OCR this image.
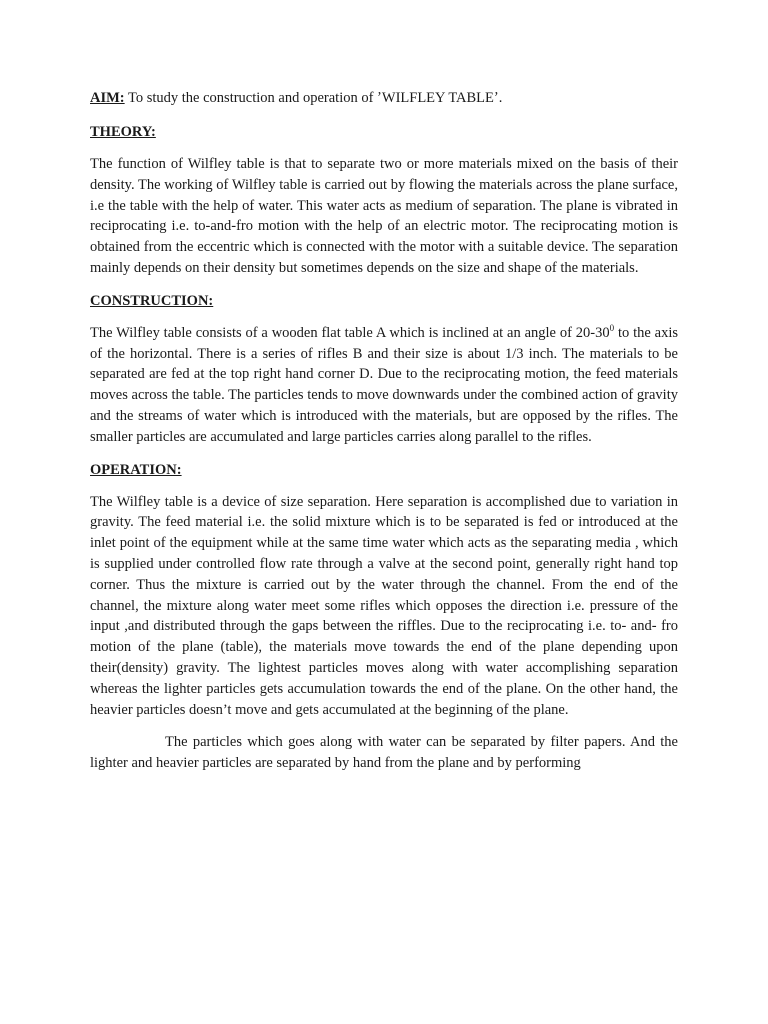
AIM: To study the construction and operation of ʼWILFLEY TABLEʼ.

THEORY:

The function of Wilfley table is that to separate two or more materials mixed on the basis of their density. The working of Wilfley table is carried out by flowing the materials across the plane surface, i.e the table with the help of water. This water acts as medium of separation. The plane is vibrated in reciprocating i.e. to-and-fro motion with the help of an electric motor. The reciprocating motion is obtained from the eccentric which is connected with the motor with a suitable device. The separation mainly depends on their density but sometimes depends on the size and shape of the materials.

CONSTRUCTION:

The Wilfley table consists of a wooden flat table A which is inclined at an angle of $20-30^0$ to the axis of the horizontal. There is a series of rifles B and their size is about 1/3 inch. The materials to be separated are fed at the top right hand corner D. Due to the reciprocating motion, the feed materials moves across the table. The particles tends to move downwards under the combined action of gravity and the streams of water which is introduced with the materials, but are opposed by the rifles. The smaller particles are accumulated and large particles carries along parallel to the rifles.

OPERATION:

The Wilfley table is a device of size separation. Here separation is accomplished due to variation in gravity. The feed material i.e. the solid mixture which is to be separated is fed or introduced at the inlet point of the equipment while at the same time water which acts as the separating media , which is supplied under controlled flow rate through a valve at the second point, generally right hand top corner. Thus the mixture is carried out by the water through the channel. From the end of the channel, the mixture along water meet some rifles which opposes the direction i.e. pressure of the input ,and distributed through the gaps between the riffles. Due to the reciprocating i.e. to- and- fro motion of the plane (table), the materials move towards the end of the plane depending upon their(density) gravity. The lightest particles moves along with water accomplishing separation whereas the lighter particles gets accumulation towards the end of the plane. On the other hand, the heavier particles doesn’t move and gets accumulated at the beginning of the plane.

The particles which goes along with water can be separated by filter papers. And the lighter and heavier particles are separated by hand from the plane and by performing
